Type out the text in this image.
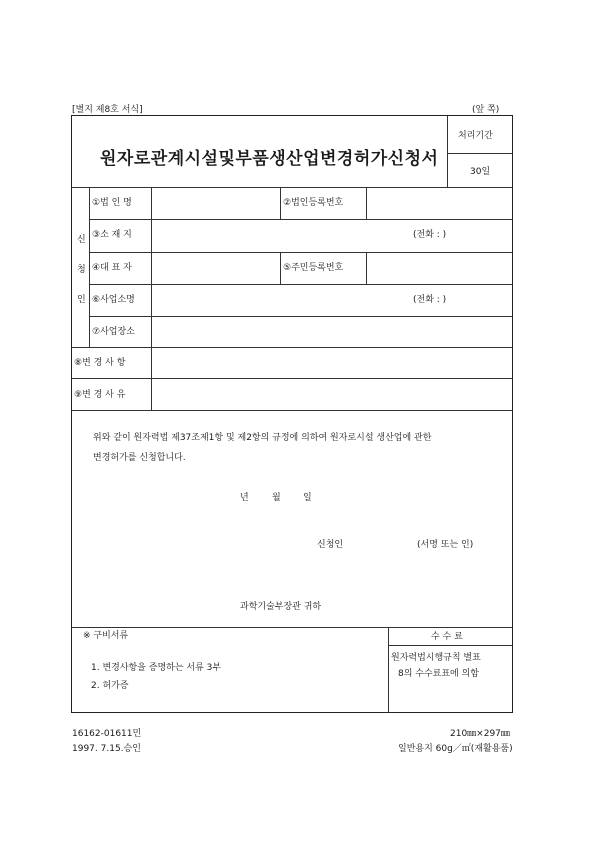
[별지 제8호 서식]	(앞 쪽)
원자로관계시설및부품생산업변경허가신청서
처리기간
30일
신
청
인
①법 인 명	②법인등록번호
③소 재 지	(전화 : )
④대 표 자	⑤주민등록번호
⑥사업소명	(전화 : )
⑦사업장소
⑧변 경 사 항
⑨변 경 사 유
위와 같이 원자력법 제37조제1항 및 제2항의 규정에 의하여 원자로시설 생산업에 관한
변경허가를 신청합니다.
년	월 일
신청인	(서명 또는 인)
과학기술부장관 귀하
※ 구비서류
1. 변경사항을 증명하는 서류 3부
2. 허가증
수 수 료
원자력법시행규칙 별표
8의 수수료표에 의함
16162-01611민
1997. 7.15.승인
210㎜×297㎜
일반용지 60g／㎡(재활용품)
